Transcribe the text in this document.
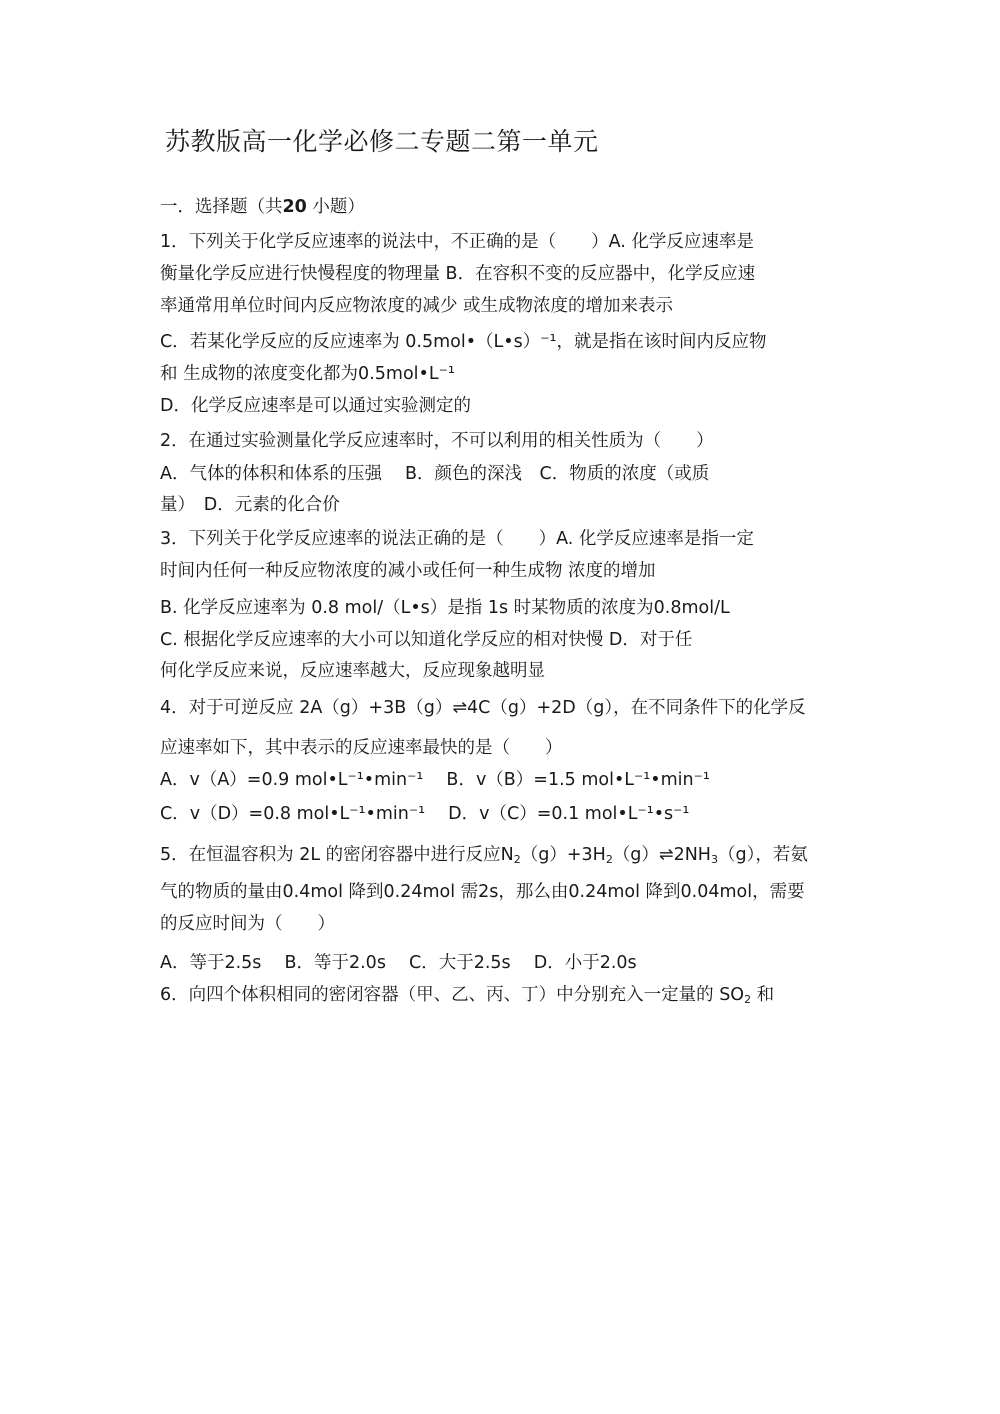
苏教版高一化学必修二专题二第一单元
一．选择题（共20 小题）
1．下列关于化学反应速率的说法中，不正确的是（　　）A. 化学反应速率是
衡量化学反应进行快慢程度的物理量 B．在容积不变的反应器中，化学反应速
率通常用单位时间内反应物浓度的减少 或生成物浓度的增加来表示
C．若某化学反应的反应速率为 0.5mol•（L•s）⁻¹，就是指在该时间内反应物
和 生成物的浓度变化都为0.5mol•L⁻¹
D．化学反应速率是可以通过实验测定的
2．在通过实验测量化学反应速率时，不可以利用的相关性质为（　　）
A．气体的体积和体系的压强　 B．颜色的深浅　C．物质的浓度（或质
量）　D．元素的化合价
3．下列关于化学反应速率的说法正确的是（　　）A. 化学反应速率是指一定
时间内任何一种反应物浓度的减小或任何一种生成物 浓度的增加
B. 化学反应速率为 0.8 mol/（L•s）是指 1s 时某物质的浓度为0.8mol/L
C. 根据化学反应速率的大小可以知道化学反应的相对快慢 D．对于任
何化学反应来说，反应速率越大，反应现象越明显
4．对于可逆反应 2A（g）+3B（g）⇌4C（g）+2D（g），在不同条件下的化学反
应速率如下，其中表示的反应速率最快的是（　　）
A．v（A）=0.9 mol•L⁻¹•min⁻¹　 B．v（B）=1.5 mol•L⁻¹•min⁻¹
C．v（D）=0.8 mol•L⁻¹•min⁻¹　 D．v（C）=0.1 mol•L⁻¹•s⁻¹
5．在恒温容积为 2L 的密闭容器中进行反应$N_2(g)+3H_2(g)\rightleftharpoons 2NH_3(g)$，若氨
气的物质的量由0.4mol 降到0.24mol 需2s，那么由0.24mol 降到0.04mol，需要
的反应时间为（　　）
A．等于2.5s　 B．等于2.0s　 C．大于2.5s　 D．小于2.0s
6．向四个体积相同的密闭容器（甲、乙、丙、丁）中分别充入一定量的 $SO_2$ 和
